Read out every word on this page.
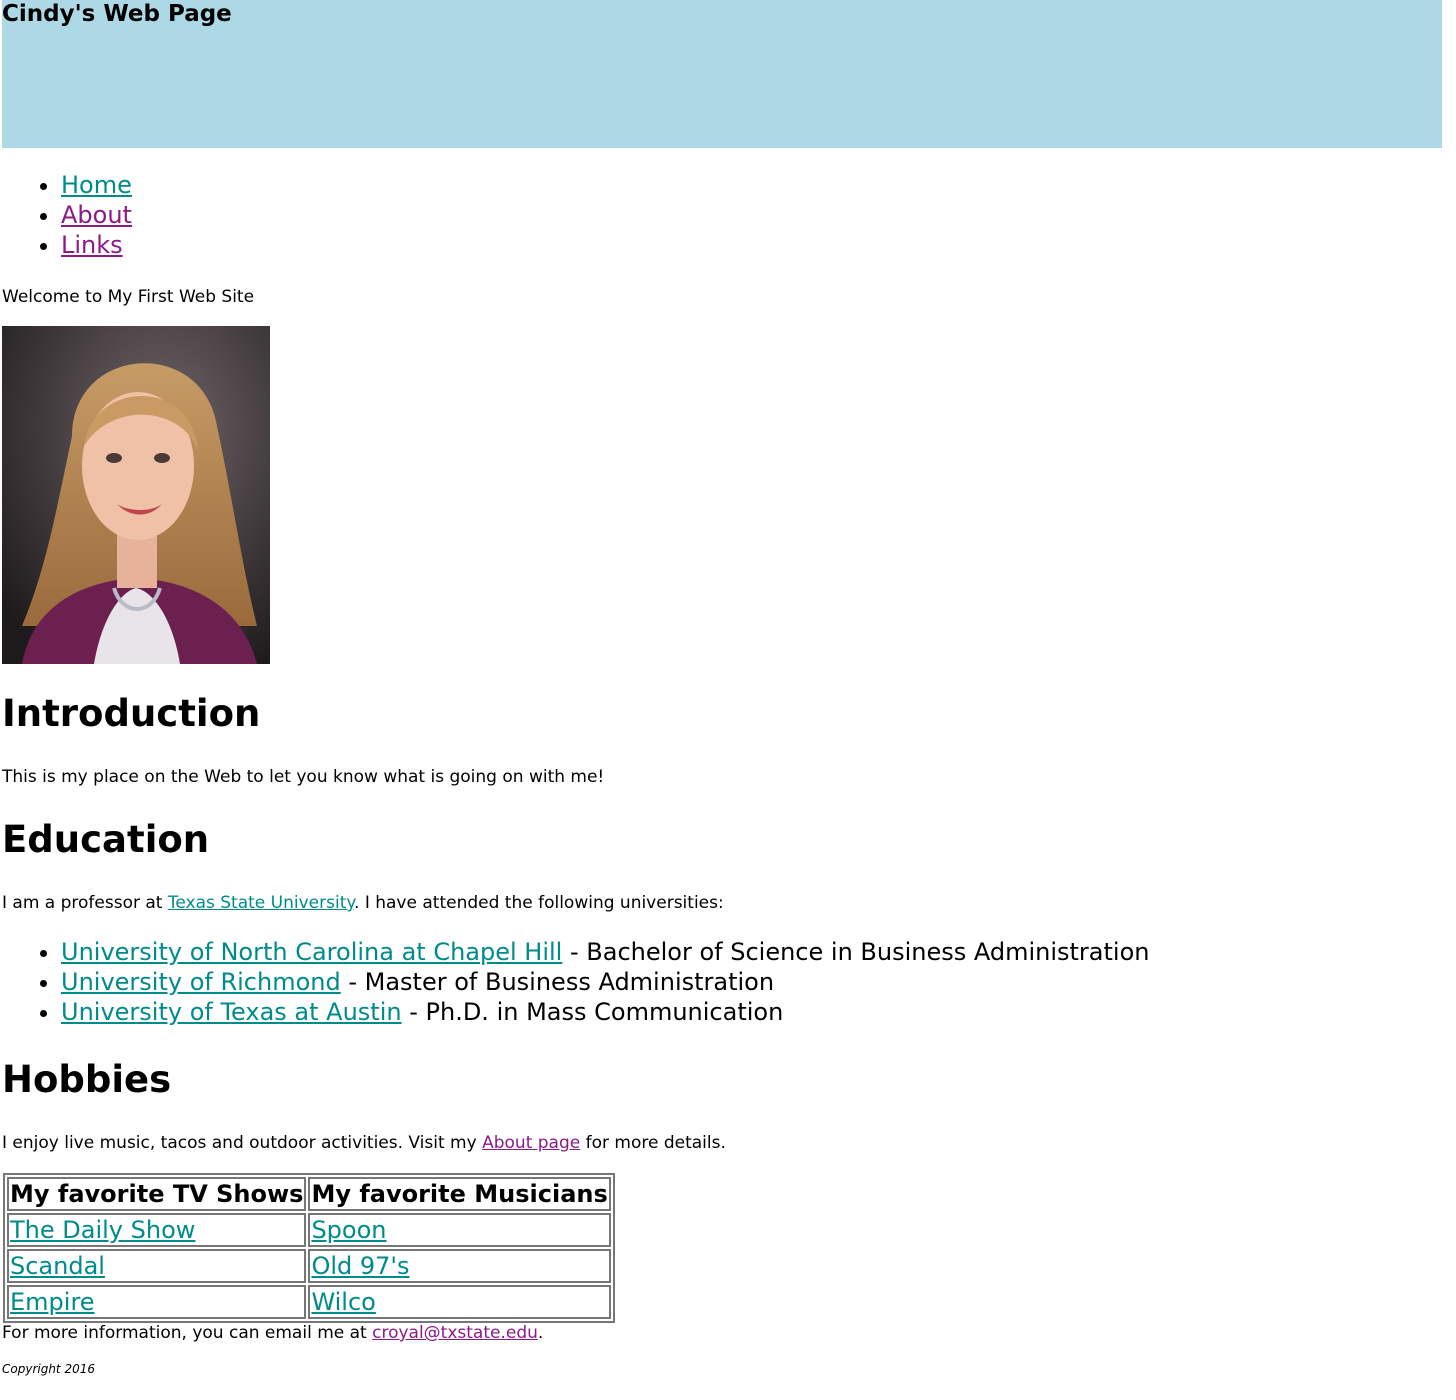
Cindy's Web Page
• Home
• About
• Links

Welcome to My First Web Site

Introduction

This is my place on the Web to let you know what is going on with me!

Education

I am a professor at Texas State University. I have attended the following universities:

• University of North Carolina at Chapel Hill - Bachelor of Science in Business Administration
• University of Richmond - Master of Business Administration
• University of Texas at Austin - Ph.D. in Mass Communication
Hobbies

I enjoy live music, tacos and outdoor activities. Visit my About page for more details.

My favorite TV Shows	My favorite Musicians
The Daily Show	Spoon
Scandal	Old 97's
Empire	Wilco

For more information, you can email me at croyal@txstate.edu.

Copyright 2016
